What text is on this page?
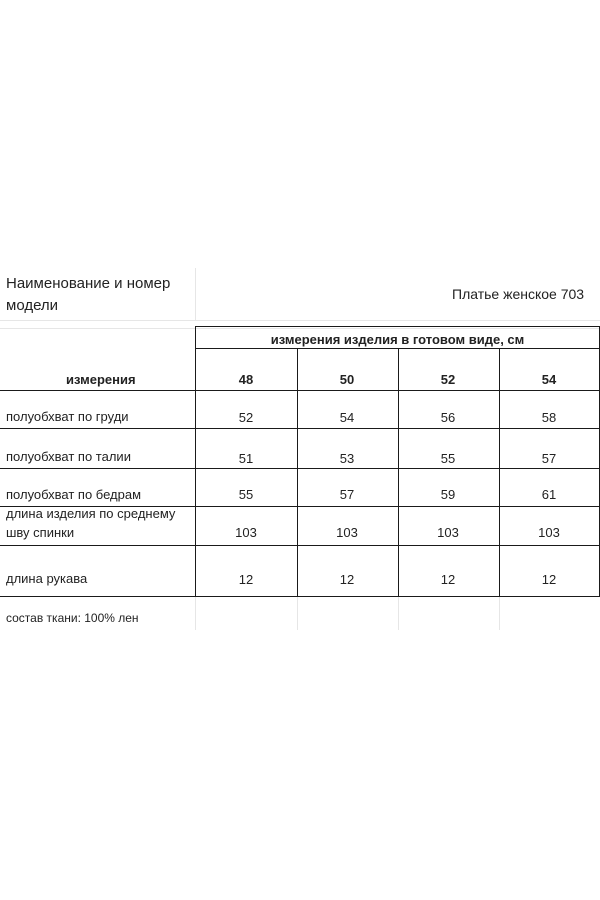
Наименование и номер модели
Платье женское 703
измерения изделия в готовом виде, см
измерения	48	50	52	54
полуобхват по груди	52	54	56	58
полуобхват по талии	51	53	55	57
полуобхват по бедрам	55	57	59	61
длина изделия по среднему
шву спинки	103	103	103	103
длина рукава	12	12	12	12
состав ткани: 100% лен
